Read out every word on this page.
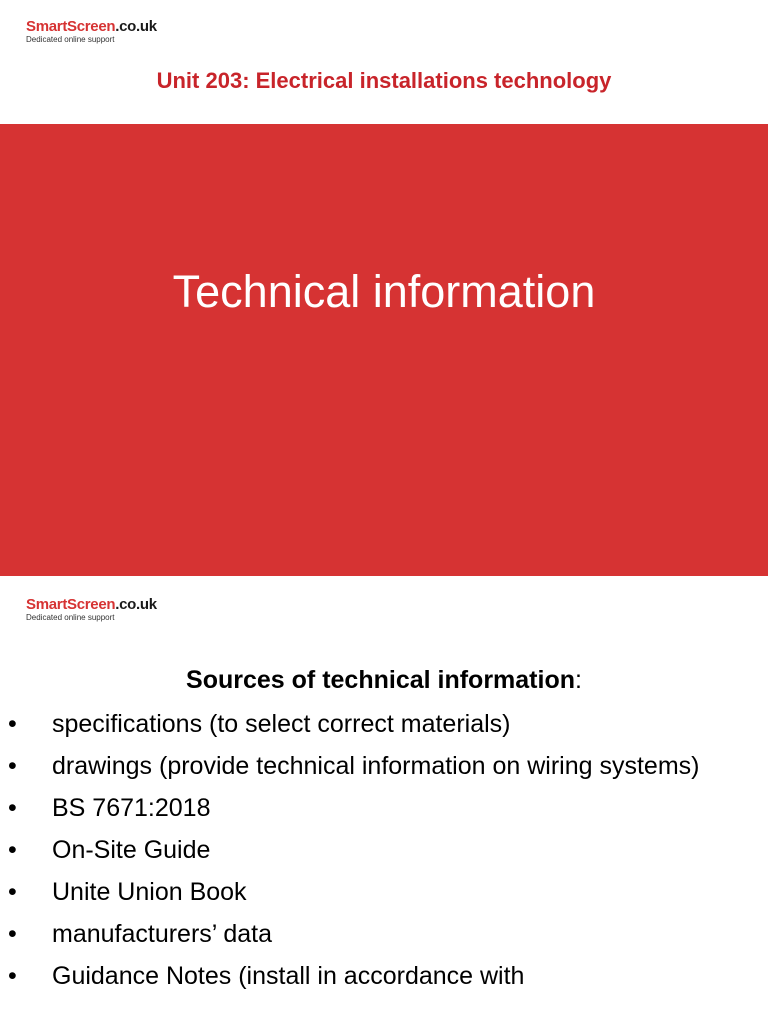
SmartScreen.co.uk
Dedicated online support
Unit 203: Electrical installations technology
Technical information
SmartScreen.co.uk
Dedicated online support
Sources of technical information:
• specifications (to select correct materials)
• drawings (provide technical information on wiring systems)
• BS 7671:2018
• On-Site Guide
• Unite Union Book
• manufacturers’ data
• Guidance Notes (install in accordance with
